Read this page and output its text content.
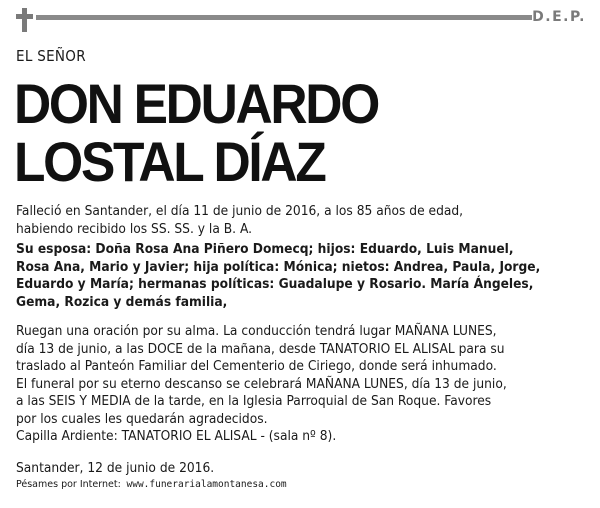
D.E.P.
EL SEÑOR
DON EDUARDO
LOSTAL DÍAZ

Falleció en Santander, el día 11 de junio de 2016, a los 85 años de edad,

habiendo recibido los SS. SS. y la B. A.

Su esposa: Doña Rosa Ana Piñero Domecq; hijos: Eduardo, Luis Manuel,

Rosa Ana, Mario y Javier; hija política: Mónica; nietos: Andrea, Paula, Jorge,

Eduardo y María; hermanas políticas: Guadalupe y Rosario. María Ángeles,

Gema, Rozica y demás familia,

Ruegan una oración por su alma. La conducción tendrá lugar MAÑANA LUNES,

día 13 de junio, a las DOCE de la mañana, desde TANATORIO EL ALISAL para su

traslado al Panteón Familiar del Cementerio de Ciriego, donde será inhumado.

El funeral por su eterno descanso se celebrará MAÑANA LUNES, día 13 de junio,

a las SEIS Y MEDIA de la tarde, en la Iglesia Parroquial de San Roque. Favores

por los cuales les quedarán agradecidos.

Capilla Ardiente: TANATORIO EL ALISAL - (sala nº 8).

Santander, 12 de junio de 2016.

Pésames por Internet: www.funerarialamontanesa.com
